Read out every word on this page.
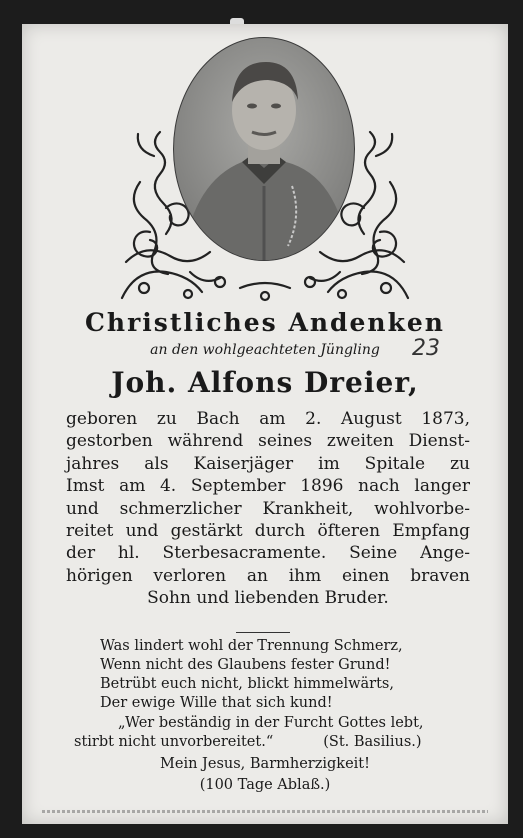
Christliches Andenken
an den wohlgeachteten Jüngling	23
Joh. Alfons Dreier,
geboren zu Bach am 2. August 1873,
gestorben während seines zweiten Dienst-
jahres als Kaiserjäger im Spitale zu
Imst am 4. September 1896 nach langer
und schmerzlicher Krankheit, wohlvorbe-
reitet und gestärkt durch öfteren Empfang
der hl. Sterbesacramente. Seine Ange-
hörigen verloren an ihm einen braven
Sohn und liebenden Bruder.
Was lindert wohl der Trennung Schmerz,
Wenn nicht des Glaubens fester Grund!
Betrübt euch nicht, blickt himmelwärts,
Der ewige Wille that sich kund!
„Wer beständig in der Furcht Gottes lebt,
stirbt nicht unvorbereitet.“	(St. Basilius.)
Mein Jesus, Barmherzigkeit!
(100 Tage Ablaß.)
